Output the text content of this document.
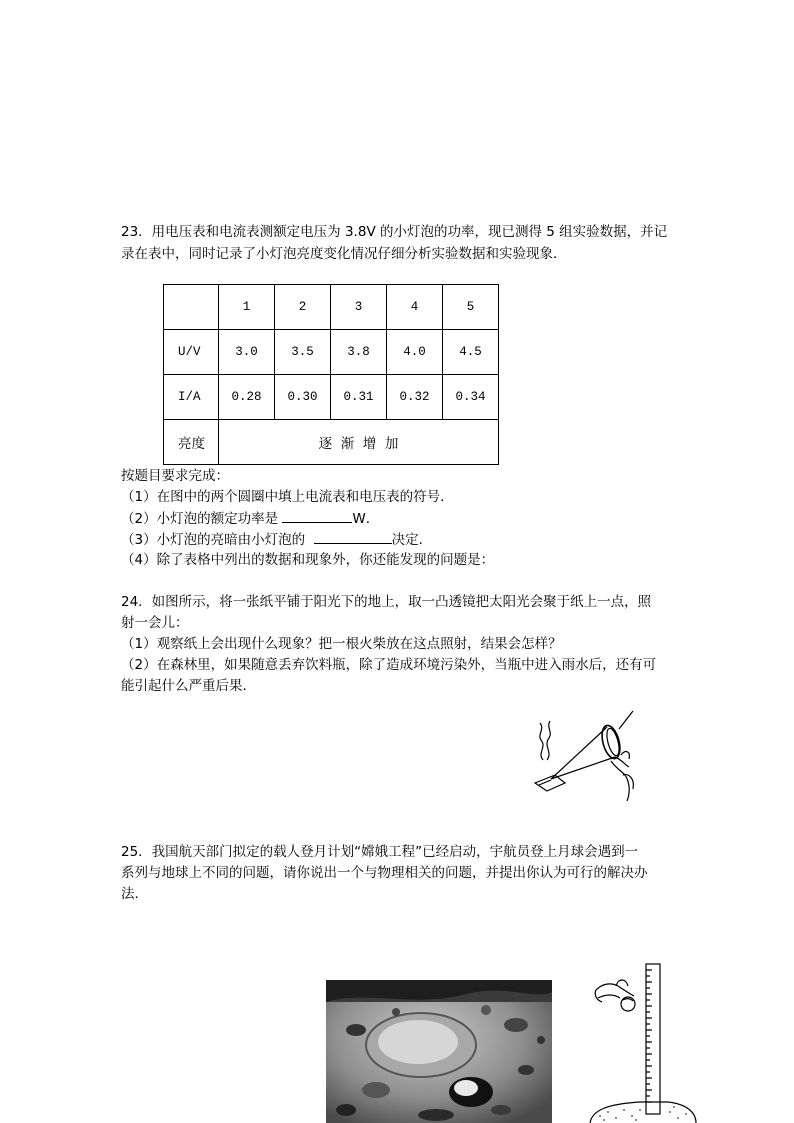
23．用电压表和电流表测额定电压为 3.8V 的小灯泡的功率，现已测得 5 组实验数据，并记
录在表中，同时记录了小灯泡亮度变化情况仔细分析实验数据和实验现象．
	1	2	3	4	5
U/V	3.0	3.5	3.8	4.0	4.5
I/A	0.28	0.30	0.31	0.32	0.34
亮度	逐  渐  增  加				
按题目要求完成：
（1）在图中的两个圆圈中填上电流表和电压表的符号．
（2）小灯泡的额定功率是	W．
（3）小灯泡的亮暗由小灯泡的	决定．
（4）除了表格中列出的数据和现象外，你还能发现的问题是：
24．如图所示，将一张纸平铺于阳光下的地上，取一凸透镜把太阳光会聚于纸上一点，照
射一会儿：
（1）观察纸上会出现什么现象？把一根火柴放在这点照射，结果会怎样？
（2）在森林里，如果随意丢弃饮料瓶，除了造成环境污染外，当瓶中进入雨水后，还有可
能引起什么严重后果．
25．我国航天部门拟定的载人登月计划“嫦娥工程”已经启动，宇航员登上月球会遇到一
系列与地球上不同的问题，请你说出一个与物理相关的问题，并提出你认为可行的解决办
法．
